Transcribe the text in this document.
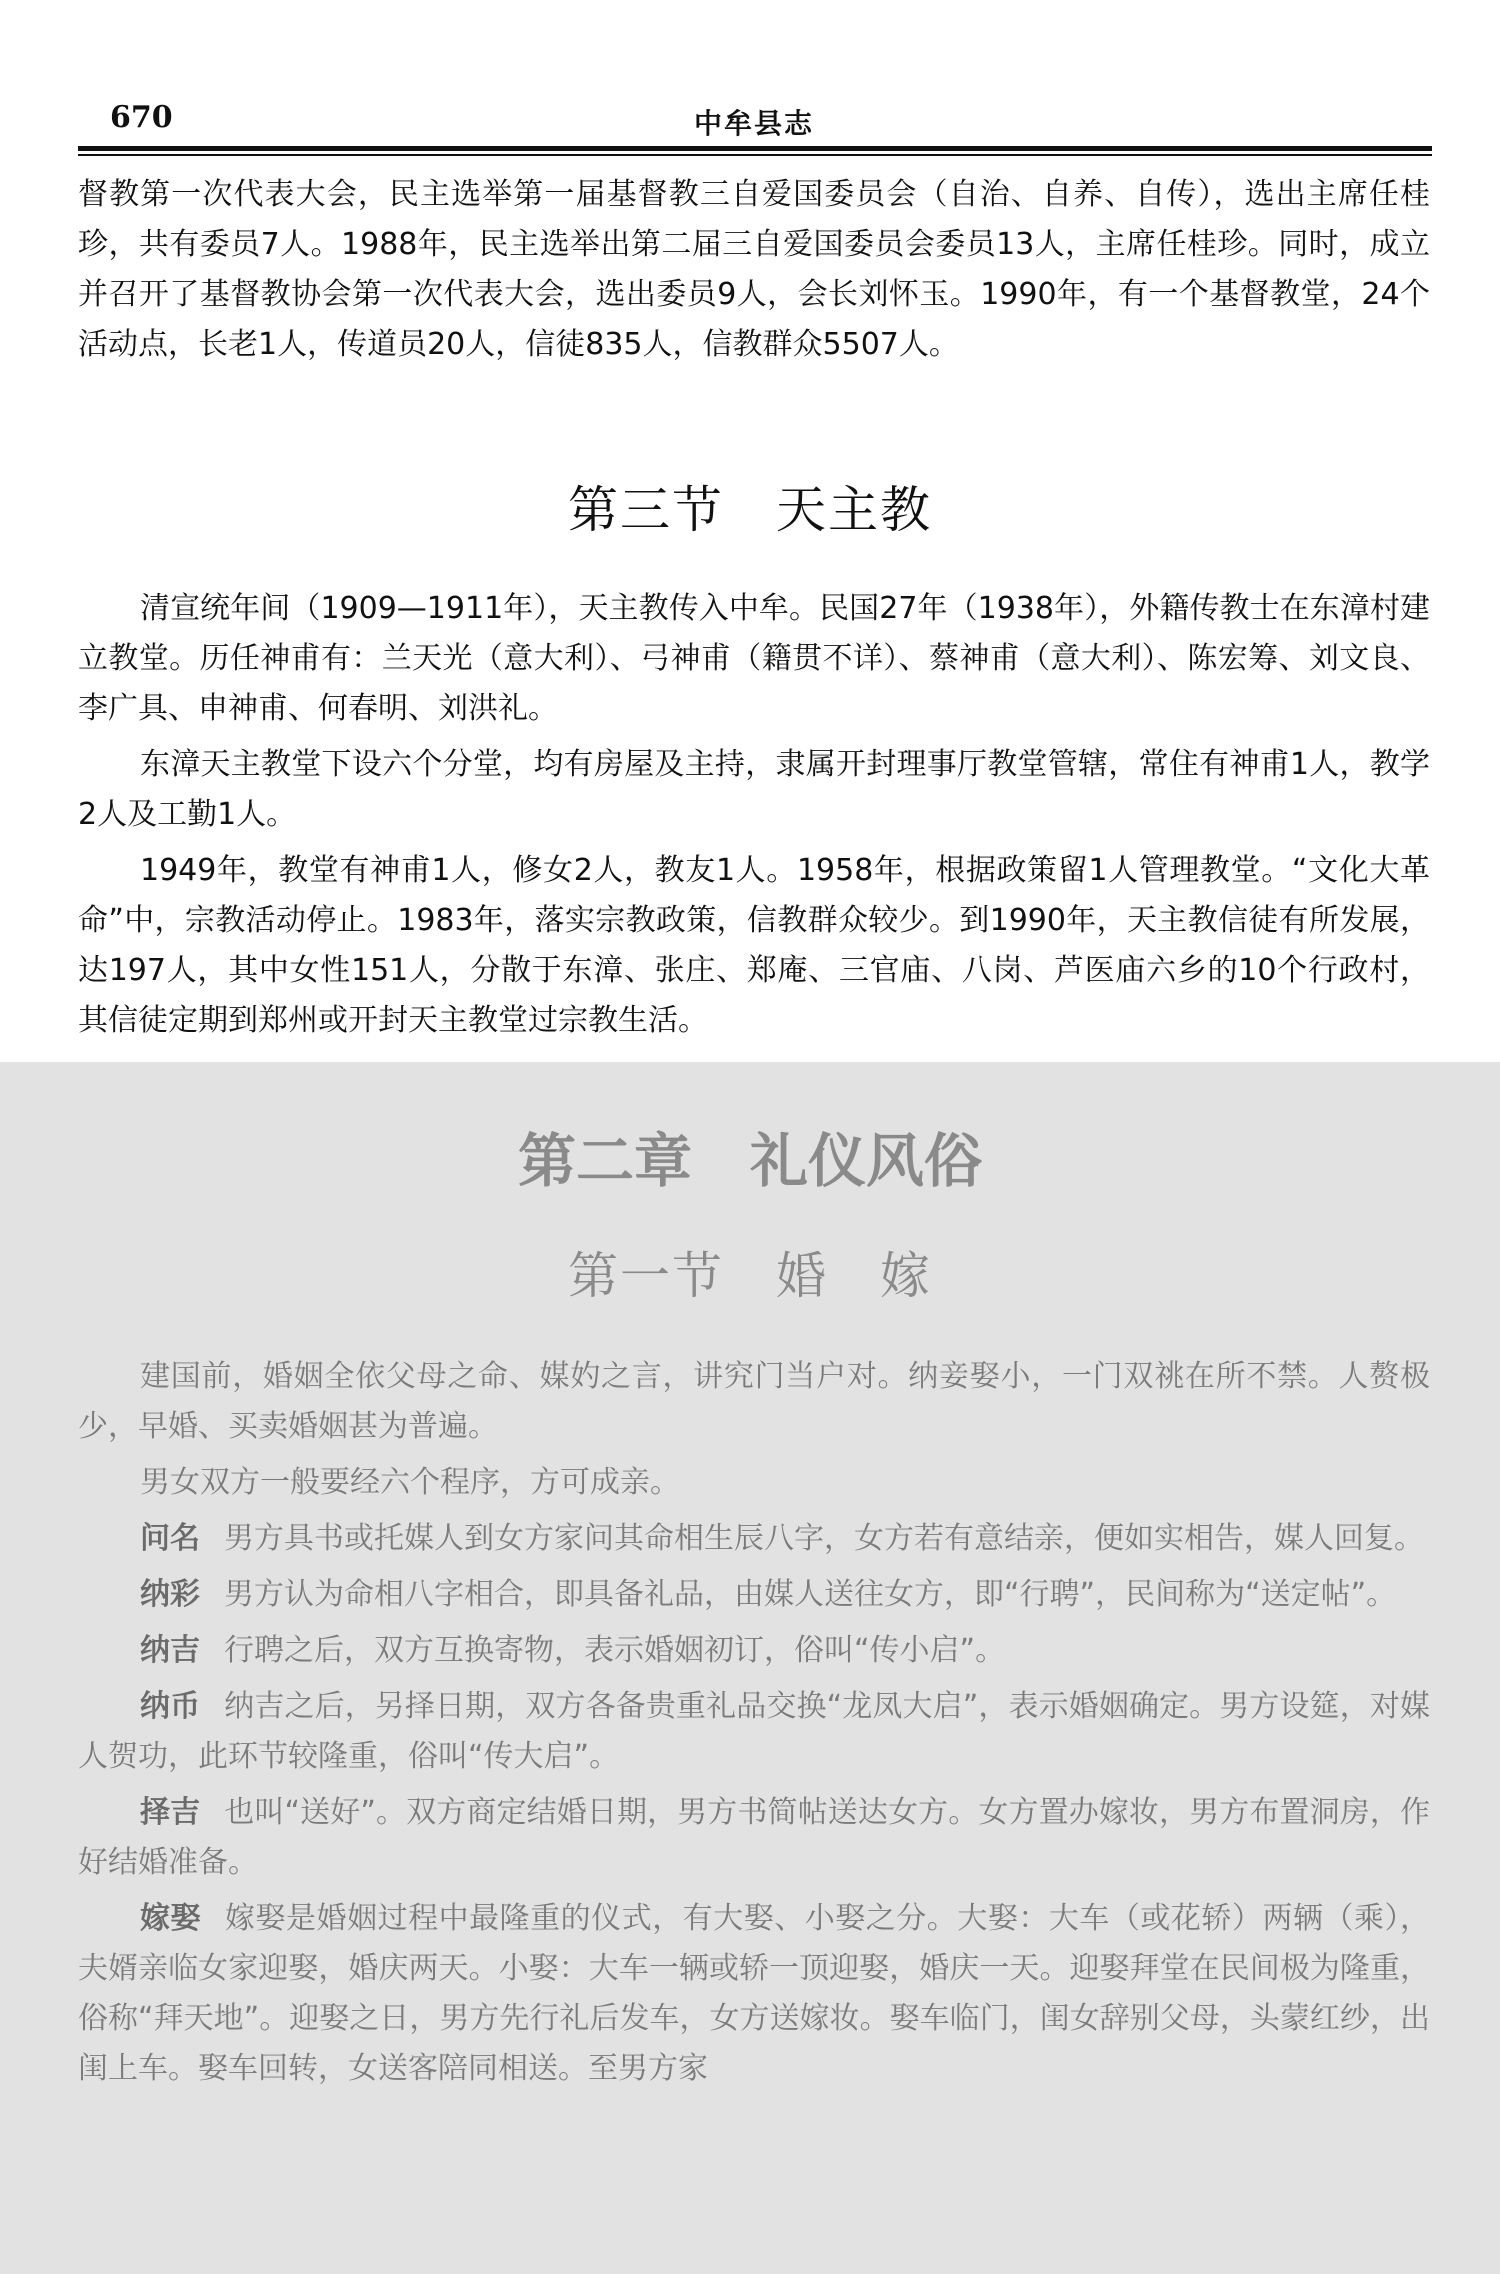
670	中牟县志

督教第一次代表大会，民主选举第一届基督教三自爱国委员会（自治、自养、自传），选出主席任桂珍，共有委员7人。1988年，民主选举出第二届三自爱国委员会委员13人，主席任桂珍。同时，成立并召开了基督教协会第一次代表大会，选出委员9人，会长刘怀玉。1990年，有一个基督教堂，24个活动点，长老1人，传道员20人，信徒835人，信教群众5507人。

第三节　天主教

清宣统年间（1909—1911年），天主教传入中牟。民国27年（1938年），外籍传教士在东漳村建立教堂。历任神甫有：兰天光（意大利）、弓神甫（籍贯不详）、蔡神甫（意大利）、陈宏筹、刘文良、李广具、申神甫、何春明、刘洪礼。

东漳天主教堂下设六个分堂，均有房屋及主持，隶属开封理事厅教堂管辖，常住有神甫1人，教学2人及工勤1人。

1949年，教堂有神甫1人，修女2人，教友1人。1958年，根据政策留1人管理教堂。“文化大革命”中，宗教活动停止。1983年，落实宗教政策，信教群众较少。到1990年，天主教信徒有所发展，达197人，其中女性151人，分散于东漳、张庄、郑庵、三官庙、八岗、芦医庙六乡的10个行政村，其信徒定期到郑州或开封天主教堂过宗教生活。

第二章　礼仪风俗
第一节　婚　嫁

建国前，婚姻全依父母之命、媒妁之言，讲究门当户对。纳妾娶小，一门双祧在所不禁。人赘极少，早婚、买卖婚姻甚为普遍。

男女双方一般要经六个程序，方可成亲。

问名 男方具书或托媒人到女方家问其命相生辰八字，女方若有意结亲，便如实相告，媒人回复。

纳彩 男方认为命相八字相合，即具备礼品，由媒人送往女方，即“行聘”，民间称为“送定帖”。

纳吉 行聘之后，双方互换寄物，表示婚姻初订，俗叫“传小启”。

纳币 纳吉之后，另择日期，双方各备贵重礼品交换“龙凤大启”，表示婚姻确定。男方设筵，对媒人贺功，此环节较隆重，俗叫“传大启”。

择吉 也叫“送好”。双方商定结婚日期，男方书简帖送达女方。女方置办嫁妆，男方布置洞房，作好结婚准备。

嫁娶 嫁娶是婚姻过程中最隆重的仪式，有大娶、小娶之分。大娶：大车（或花轿）两辆（乘），夫婿亲临女家迎娶，婚庆两天。小娶：大车一辆或轿一顶迎娶，婚庆一天。迎娶拜堂在民间极为隆重，俗称“拜天地”。迎娶之日，男方先行礼后发车，女方送嫁妆。娶车临门，闺女辞别父母，头蒙红纱，出闺上车。娶车回转，女送客陪同相送。至男方家
